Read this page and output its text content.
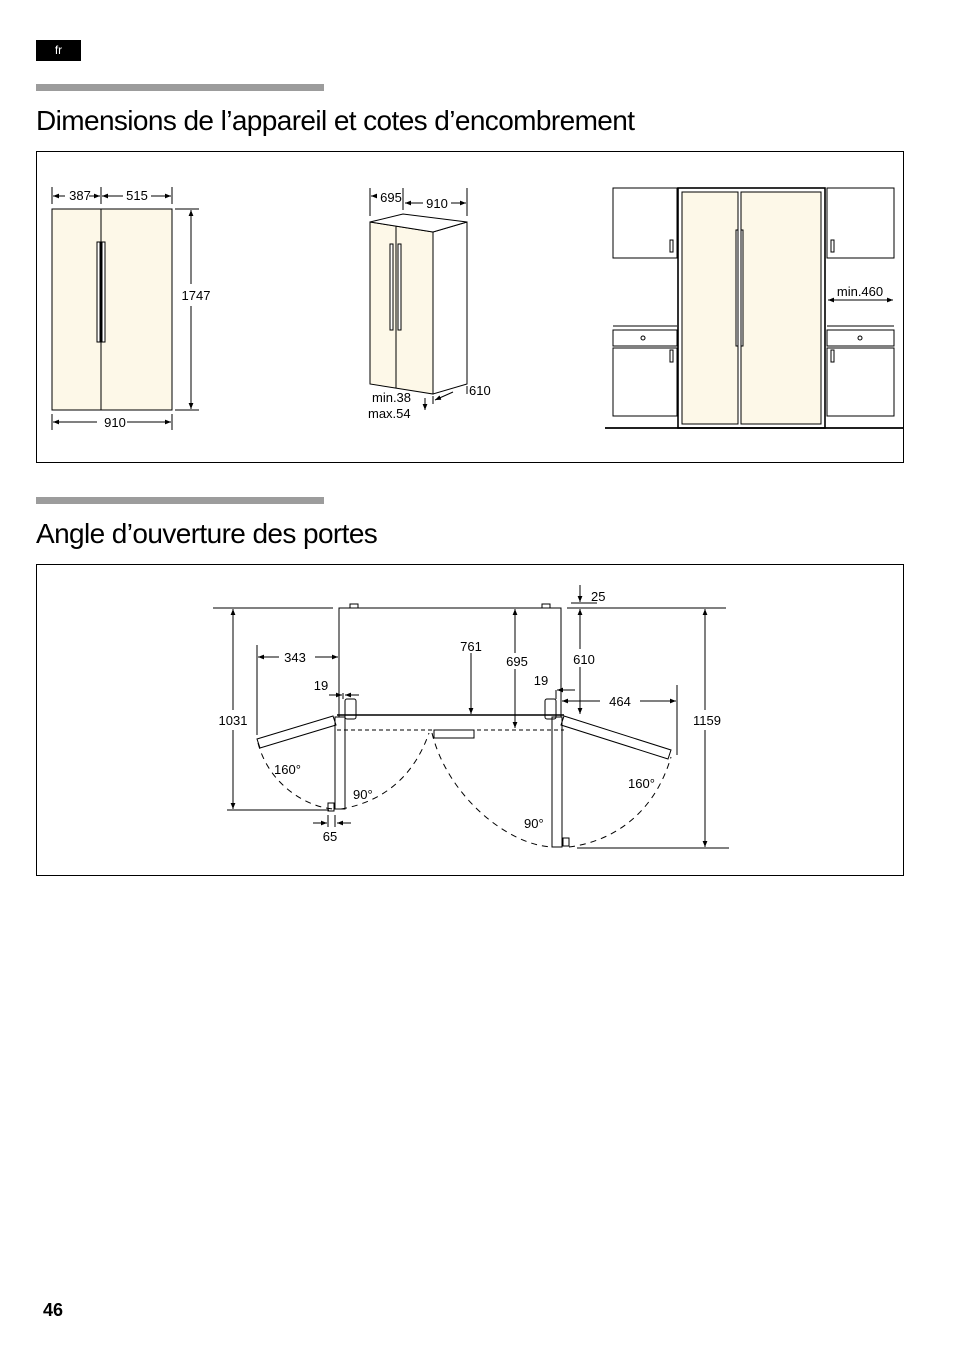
fr
Dimensions de l’appareil et cotes d’encombrement
387	515
1747
910
695 910
610
min.38
max.54
min.460
Angle d’ouverture des portes
25
343
761
695	610
19	19
464
1031	1159
160°
160°
90°
90°
65
46
